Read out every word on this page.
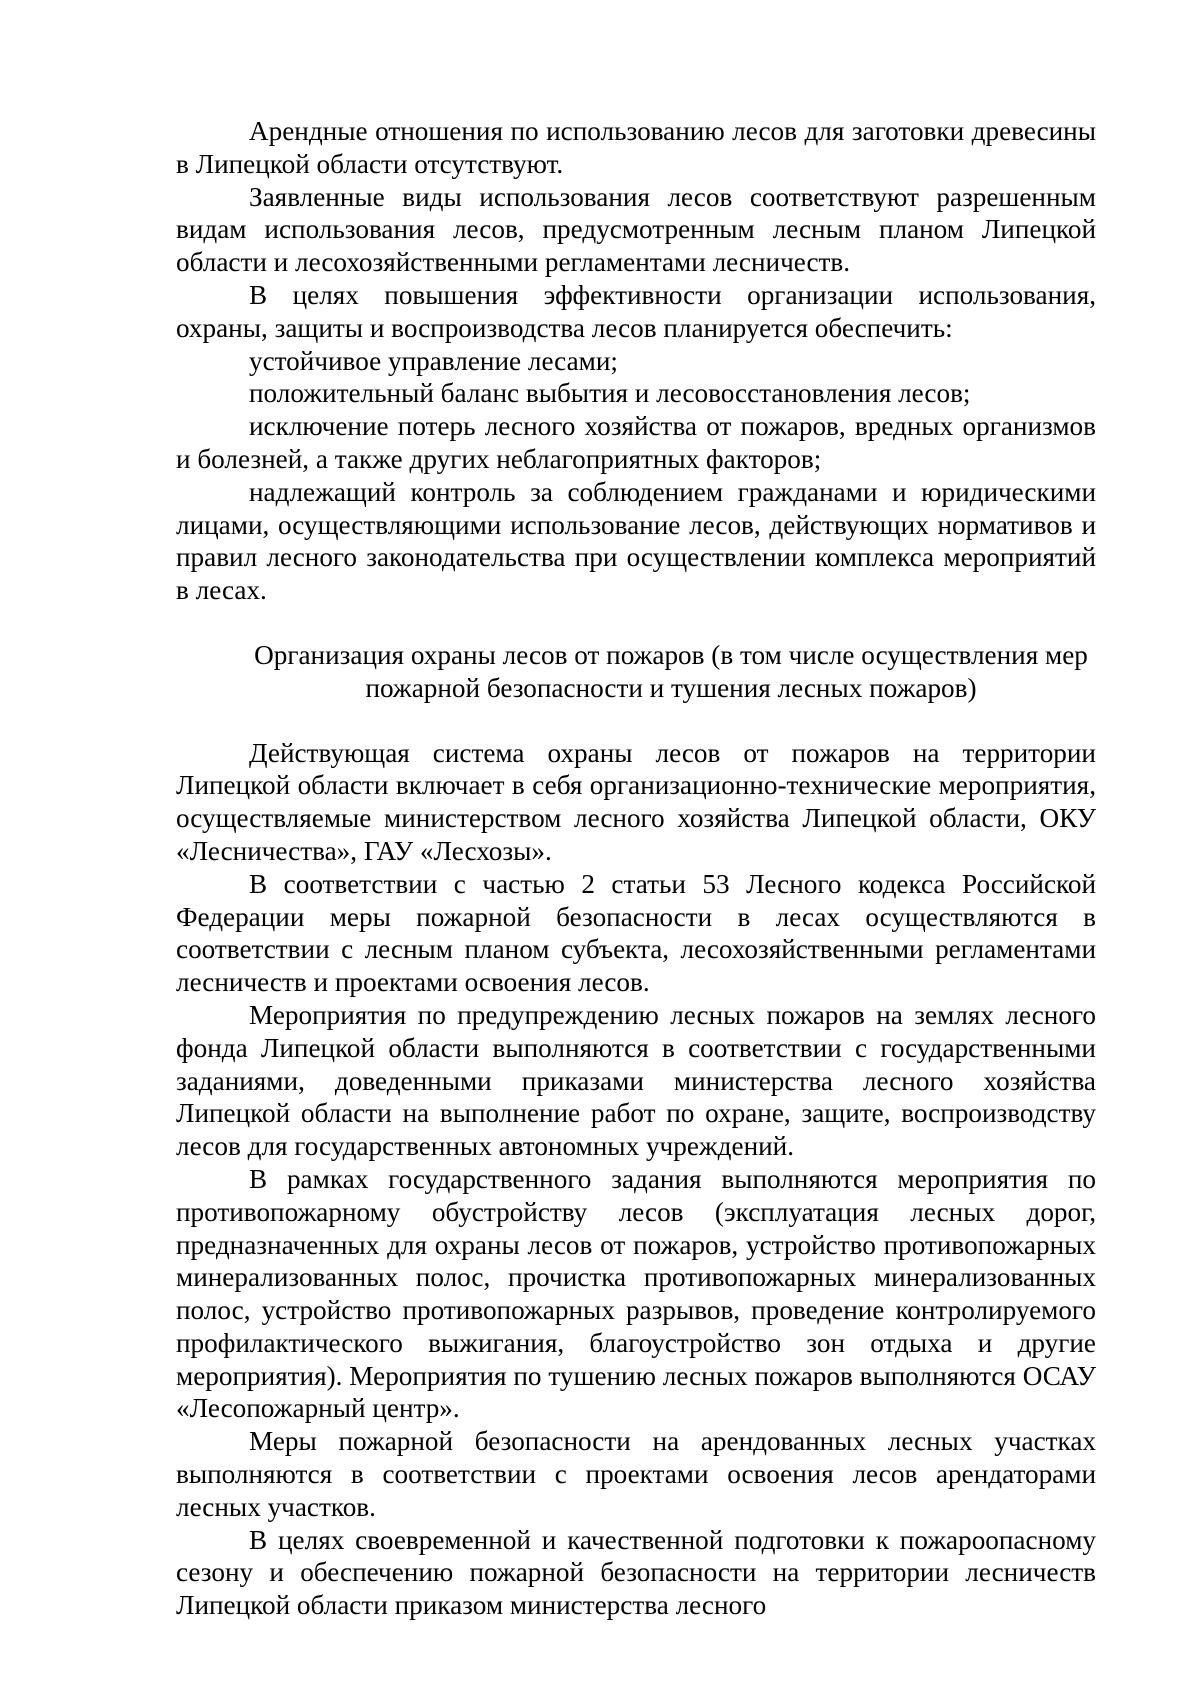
Арендные отношения по использованию лесов для заготовки древесины в Липецкой области отсутствуют.

Заявленные виды использования лесов соответствуют разрешенным видам использования лесов, предусмотренным лесным планом Липецкой области и лесохозяйственными регламентами лесничеств.

В целях повышения эффективности организации использования, охраны, защиты и воспроизводства лесов планируется обеспечить:

устойчивое управление лесами;

положительный баланс выбытия и лесовосстановления лесов;

исключение потерь лесного хозяйства от пожаров, вредных организмов и болезней, а также других неблагоприятных факторов;

надлежащий контроль за соблюдением гражданами и юридическими лицами, осуществляющими использование лесов, действующих нормативов и правил лесного законодательства при осуществлении комплекса мероприятий в лесах.

Организация охраны лесов от пожаров (в том числе осуществления мер пожарной безопасности и тушения лесных пожаров)

Действующая система охраны лесов от пожаров на территории Липецкой области включает в себя организационно-технические мероприятия, осуществляемые министерством лесного хозяйства Липецкой области, ОКУ «Лесничества», ГАУ «Лесхозы».

В соответствии с частью 2 статьи 53 Лесного кодекса Российской Федерации меры пожарной безопасности в лесах осуществляются в соответствии с лесным планом субъекта, лесохозяйственными регламентами лесничеств и проектами освоения лесов.

Мероприятия по предупреждению лесных пожаров на землях лесного фонда Липецкой области выполняются в соответствии с государственными заданиями, доведенными приказами министерства лесного хозяйства Липецкой области на выполнение работ по охране, защите, воспроизводству лесов для государственных автономных учреждений.

В рамках государственного задания выполняются мероприятия по противопожарному обустройству лесов (эксплуатация лесных дорог, предназначенных для охраны лесов от пожаров, устройство противопожарных минерализованных полос, прочистка противопожарных минерализованных полос, устройство противопожарных разрывов, проведение контролируемого профилактического выжигания, благоустройство зон отдыха и другие мероприятия). Мероприятия по тушению лесных пожаров выполняются ОСАУ «Лесопожарный центр».

Меры пожарной безопасности на арендованных лесных участках выполняются в соответствии с проектами освоения лесов арендаторами лесных участков.

В целях своевременной и качественной подготовки к пожароопасному сезону и обеспечению пожарной безопасности на территории лесничеств Липецкой области приказом министерства лесного
